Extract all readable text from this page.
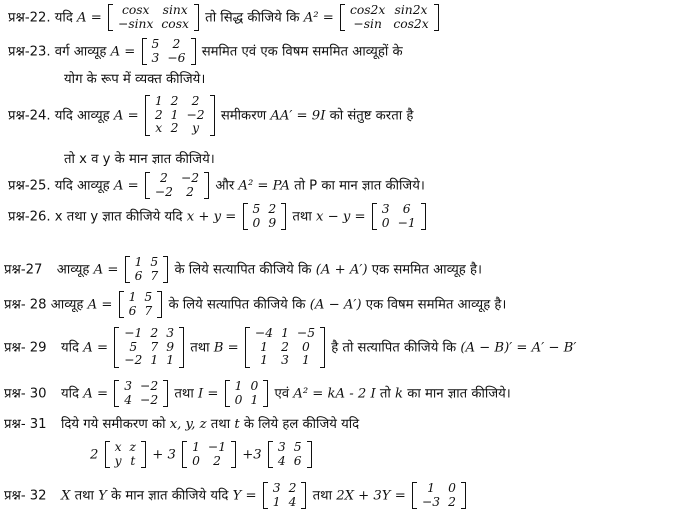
प्रश्न-22. यदि A =
cosx	sinx
−sinx	cosx तो सिद्ध कीजिये कि A² =
cos2x	sin2x
−sin	cos2x
प्रश्न-23. वर्ग आव्यूह A =
5	2
3	−6 सममित एवं एक विषम सममित आव्यूहों के
योग के रूप में व्यक्त कीजिये।
प्रश्न-24. यदि आव्यूह A =
1	2	2
2	1	−2
x	2	y
समीकरण AA′ = 9I को संतुष्ट करता है
तो x व y के मान ज्ञात कीजिये।
प्रश्न-25. यदि आव्यूह A =
2	−2
−2	2 और A² = PA तो P का मान ज्ञात कीजिये।
प्रश्न-26. x तथा y ज्ञात कीजिये यदि x + y =
5	2
0	9 तथा x − y =
3	6
0	−1
प्रश्न-27 आव्यूह A =
1	5
6	7 के लिये सत्यापित कीजिये कि (A + A′) एक सममित आव्यूह है।
प्रश्न- 28 आव्यूह A =
1	5
6	7 के लिये सत्यापित कीजिये कि (A − A′) एक विषम सममित आव्यूह है।
प्रश्न- 29 यदि A =
−1	2	3
5	7	9
−2	1	1
तथा B =
−4	1	−5
1	2	0
1	3	1
है तो सत्यापित कीजिये कि (A − B)′ = A′ − B′
प्रश्न- 30 यदि A =
3	−2
4	−2 तथा I =
1	0
0	1 एवं A² = kA - 2 I तो k का मान ज्ञात कीजिये।
प्रश्न- 31 दिये गये समीकरण को x, y, z तथा t के लिये हल कीजिये यदि
2
x	z
y	t + 3
1	−1
0	2 +3
3	5
4	6
प्रश्न- 32 X तथा Y के मान ज्ञात कीजिये यदि Y =
3	2
1	4 तथा 2X + 3Y =
1	0
−3	2
